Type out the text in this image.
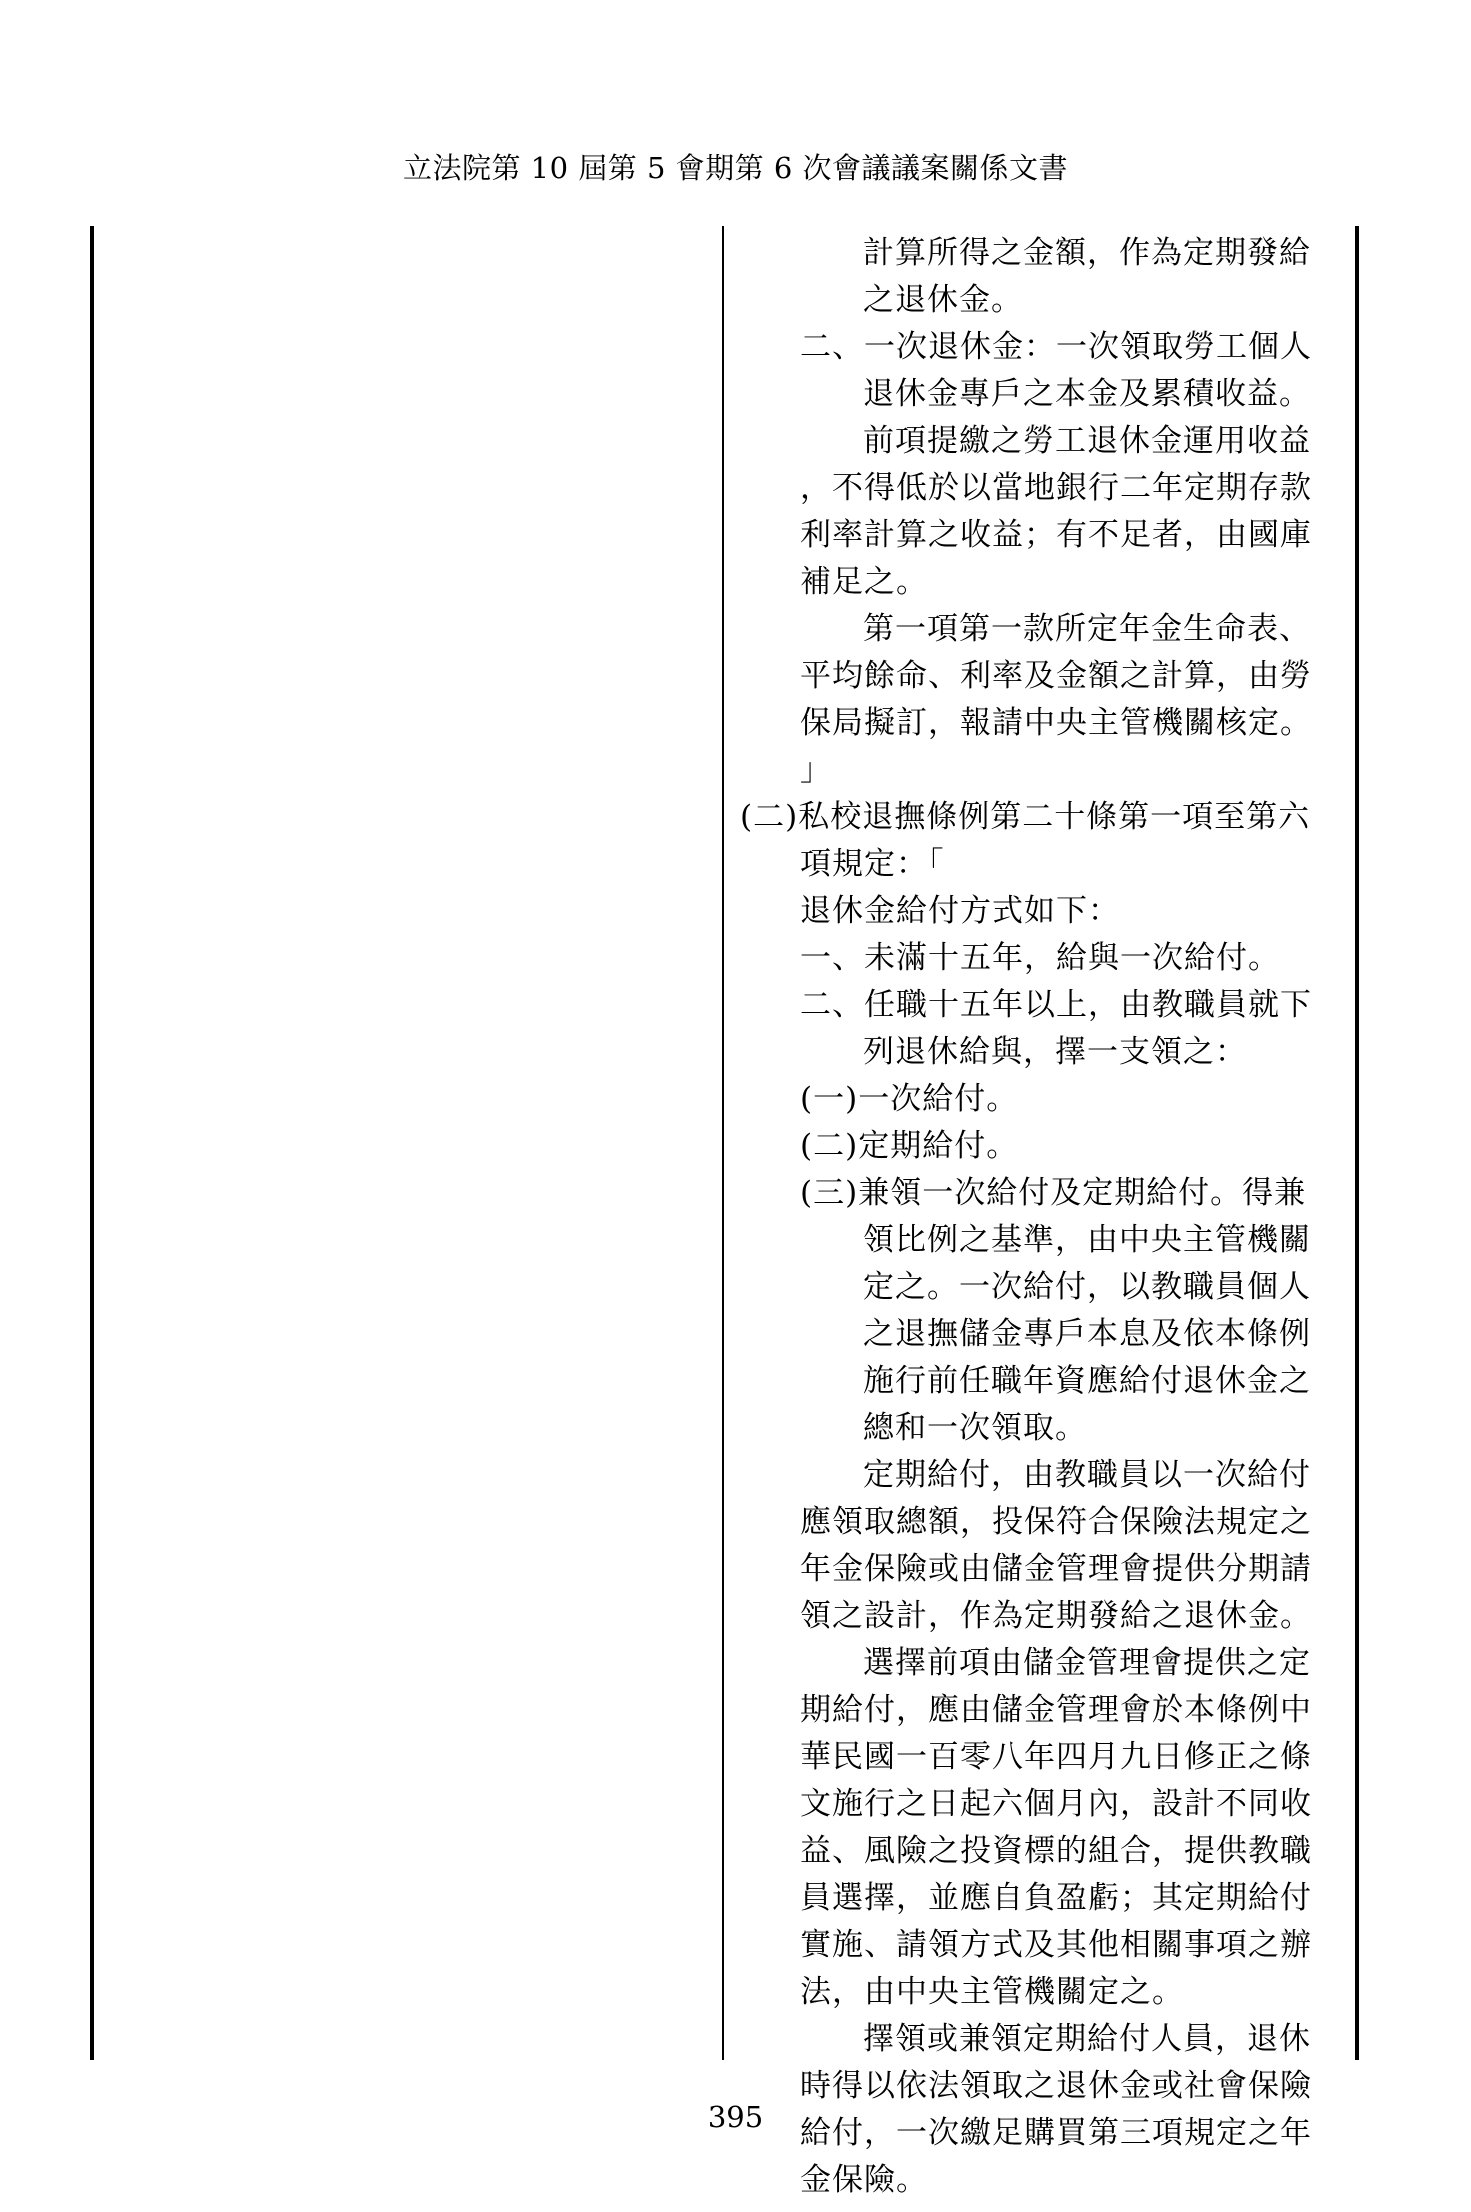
立法院第 10 屆第 5 會期第 6 次會議議案關係文書
計算所得之金額，作為定期發給
之退休金。
二、一次退休金：一次領取勞工個人
退休金專戶之本金及累積收益。
前項提繳之勞工退休金運用收益
，不得低於以當地銀行二年定期存款
利率計算之收益；有不足者，由國庫
補足之。
第一項第一款所定年金生命表、
平均餘命、利率及金額之計算，由勞
保局擬訂，報請中央主管機關核定。
」
(二)私校退撫條例第二十條第一項至第六
項規定：「
退休金給付方式如下：
一、未滿十五年，給與一次給付。
二、任職十五年以上，由教職員就下
列退休給與，擇一支領之：
(一)一次給付。
(二)定期給付。
(三)兼領一次給付及定期給付。得兼
領比例之基準，由中央主管機關
定之。一次給付，以教職員個人
之退撫儲金專戶本息及依本條例
施行前任職年資應給付退休金之
總和一次領取。
定期給付，由教職員以一次給付
應領取總額，投保符合保險法規定之
年金保險或由儲金管理會提供分期請
領之設計，作為定期發給之退休金。
選擇前項由儲金管理會提供之定
期給付，應由儲金管理會於本條例中
華民國一百零八年四月九日修正之條
文施行之日起六個月內，設計不同收
益、風險之投資標的組合，提供教職
員選擇，並應自負盈虧；其定期給付
實施、請領方式及其他相關事項之辦
法，由中央主管機關定之。
擇領或兼領定期給付人員，退休
時得以依法領取之退休金或社會保險
給付，一次繳足購買第三項規定之年
金保險。
395
